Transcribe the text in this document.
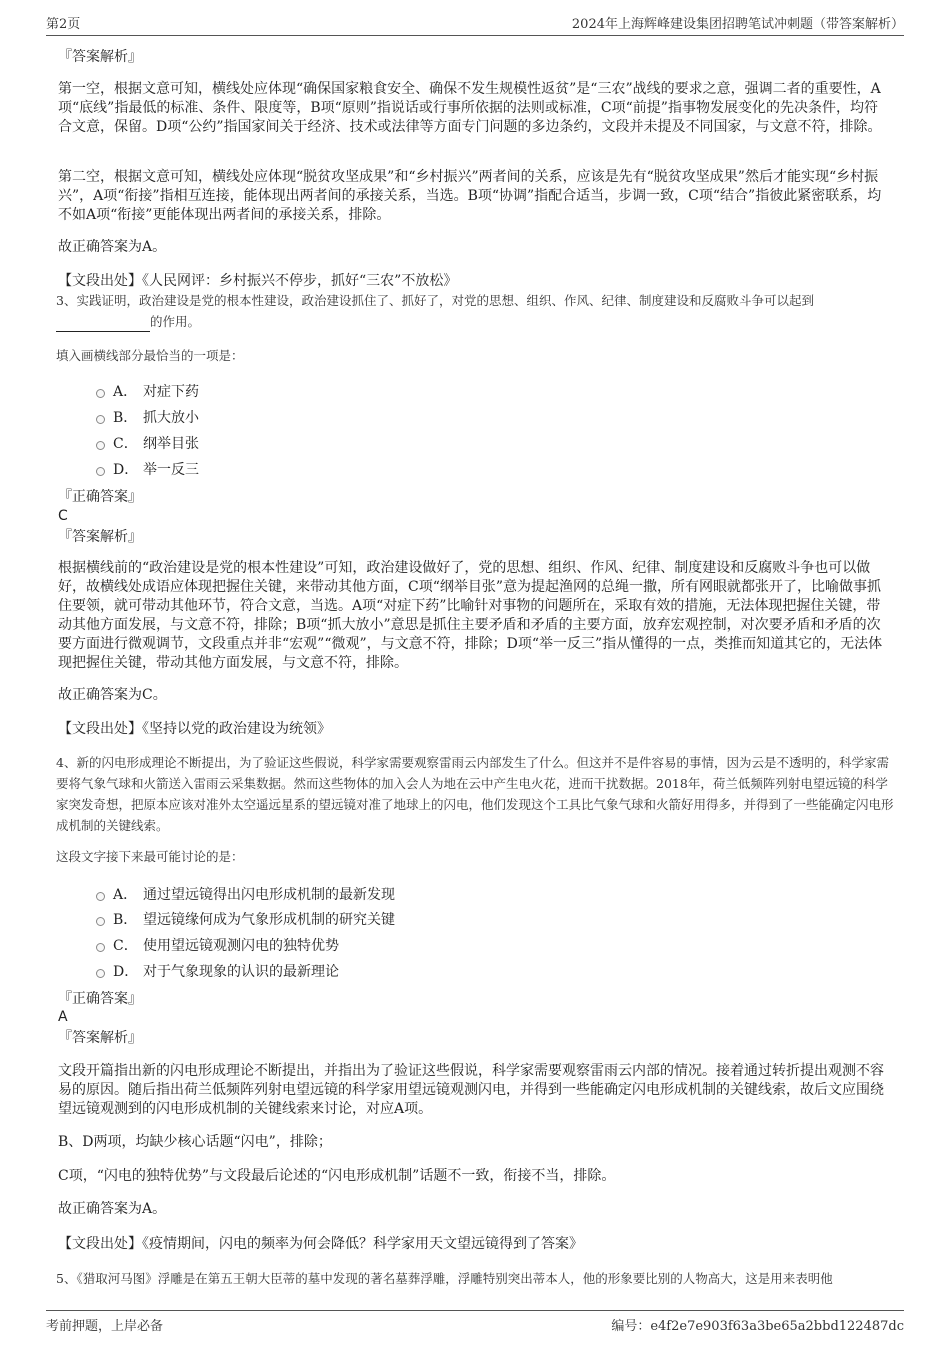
第2页	2024年上海辉峰建设集团招聘笔试冲刺题（带答案解析）
『答案解析』
第一空，根据文意可知，横线处应体现“确保国家粮食安全、确保不发生规模性返贫”是“三农”战线的要求之意，强调二者的重要性，A项“底线”指最低的标准、条件、限度等，B项“原则”指说话或行事所依据的法则或标准，C项“前提”指事物发展变化的先决条件，均符合文意，保留。D项“公约”指国家间关于经济、技术或法律等方面专门问题的多边条约，文段并未提及不同国家，与文意不符，排除。
第二空，根据文意可知，横线处应体现“脱贫攻坚成果”和“乡村振兴”两者间的关系，应该是先有“脱贫攻坚成果”然后才能实现“乡村振兴”，A项“衔接”指相互连接，能体现出两者间的承接关系，当选。B项“协调”指配合适当，步调一致，C项“结合”指彼此紧密联系，均不如A项“衔接”更能体现出两者间的承接关系，排除。
故正确答案为A。
【文段出处】《人民网评：乡村振兴不停步，抓好“三农”不放松》
3、实践证明，政治建设是党的根本性建设，政治建设抓住了、抓好了，对党的思想、组织、作风、纪律、制度建设和反腐败斗争可以起到
的作用。
填入画横线部分最恰当的一项是：
A． 对症下药
B． 抓大放小
C． 纲举目张
D． 举一反三
『正确答案』
C
『答案解析』
根据横线前的“政治建设是党的根本性建设”可知，政治建设做好了，党的思想、组织、作风、纪律、制度建设和反腐败斗争也可以做好，故横线处成语应体现把握住关键，来带动其他方面，C项“纲举目张”意为提起渔网的总绳一撒，所有网眼就都张开了，比喻做事抓住要领，就可带动其他环节，符合文意，当选。A项“对症下药”比喻针对事物的问题所在，采取有效的措施，无法体现把握住关键，带动其他方面发展，与文意不符，排除；B项“抓大放小”意思是抓住主要矛盾和矛盾的主要方面，放弃宏观控制，对次要矛盾和矛盾的次要方面进行微观调节，文段重点并非“宏观”“微观”，与文意不符，排除；D项“举一反三”指从懂得的一点，类推而知道其它的，无法体现把握住关键，带动其他方面发展，与文意不符，排除。
故正确答案为C。
【文段出处】《坚持以党的政治建设为统领》
4、新的闪电形成理论不断提出，为了验证这些假说，科学家需要观察雷雨云内部发生了什么。但这并不是件容易的事情，因为云是不透明的，科学家需要将气象气球和火箭送入雷雨云采集数据。然而这些物体的加入会人为地在云中产生电火花，进而干扰数据。2018年，荷兰低频阵列射电望远镜的科学家突发奇想，把原本应该对准外太空遥远星系的望远镜对准了地球上的闪电，他们发现这个工具比气象气球和火箭好用得多，并得到了一些能确定闪电形成机制的关键线索。
这段文字接下来最可能讨论的是：
A． 通过望远镜得出闪电形成机制的最新发现
B． 望远镜缘何成为气象形成机制的研究关键
C． 使用望远镜观测闪电的独特优势
D． 对于气象现象的认识的最新理论
『正确答案』
A
『答案解析』
文段开篇指出新的闪电形成理论不断提出，并指出为了验证这些假说，科学家需要观察雷雨云内部的情况。接着通过转折提出观测不容易的原因。随后指出荷兰低频阵列射电望远镜的科学家用望远镜观测闪电，并得到一些能确定闪电形成机制的关键线索，故后文应围绕望远镜观测到的闪电形成机制的关键线索来讨论，对应A项。
B、D两项，均缺少核心话题“闪电”，排除；
C项，“闪电的独特优势”与文段最后论述的“闪电形成机制”话题不一致，衔接不当，排除。
故正确答案为A。
【文段出处】《疫情期间，闪电的频率为何会降低？科学家用天文望远镜得到了答案》
5、《猎取河马图》浮雕是在第五王朝大臣蒂的墓中发现的著名墓葬浮雕，浮雕特别突出蒂本人，他的形象要比别的人物高大，这是用来表明他
考前押题，上岸必备	编号：e4f2e7e903f63a3be65a2bbd122487dc
